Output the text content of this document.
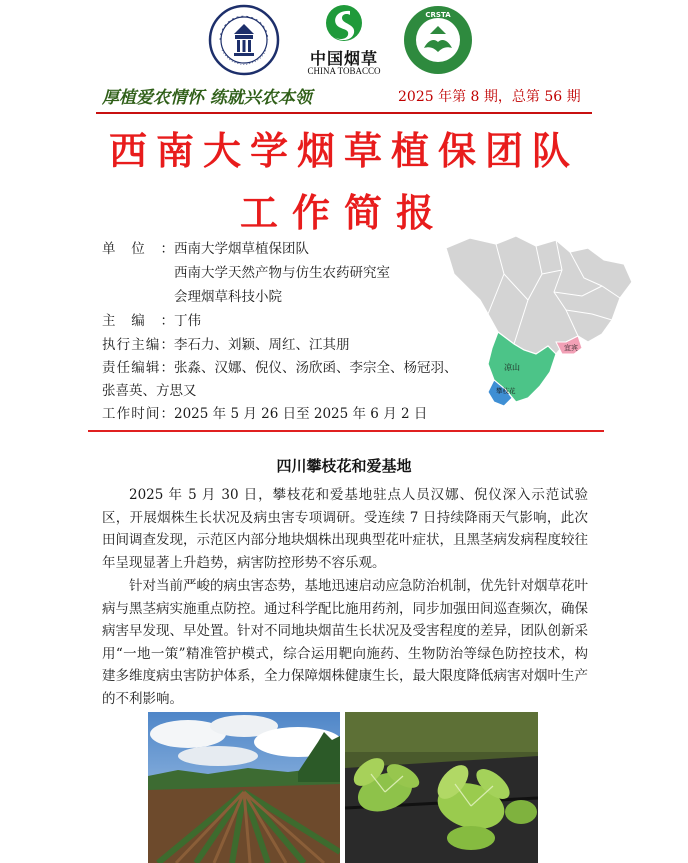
中国烟草
CHINA TOBACCO
CRSTA
厚植爱农情怀 练就兴农本领	2025 年第 8 期，总第 56 期
西南大学烟草植保团队
工作简报
单位：西南大学烟草植保团队
西南大学天然产物与仿生农药研究室
会理烟草科技小院
主编：丁伟
执行主编：李石力、刘颖、周红、江其朋
责任编辑：张淼、汉娜、倪仪、汤欣函、李宗全、杨冠羽、
张喜英、方思又
工作时间：2025 年 5 月 26 日至 2025 年 6 月 2 日
凉山
攀枝花
宜宾
四川攀枝花和爱基地
2025 年 5 月 30 日，攀枝花和爱基地驻点人员汉娜、倪仪深入示范试验区，开展烟株生长状况及病虫害专项调研。受连续 7 日持续降雨天气影响，此次田间调查发现，示范区内部分地块烟株出现典型花叶症状，且黑茎病发病程度较往年呈现显著上升趋势，病害防控形势不容乐观。
针对当前严峻的病虫害态势，基地迅速启动应急防治机制，优先针对烟草花叶病与黑茎病实施重点防控。通过科学配比施用药剂，同步加强田间巡查频次，确保病害早发现、早处置。针对不同地块烟苗生长状况及受害程度的差异，团队创新采用“一地一策”精准管护模式，综合运用靶向施药、生物防治等绿色防控技术，构建多维度病虫害防护体系，全力保障烟株健康生长，最大限度降低病害对烟叶生产的不利影响。
